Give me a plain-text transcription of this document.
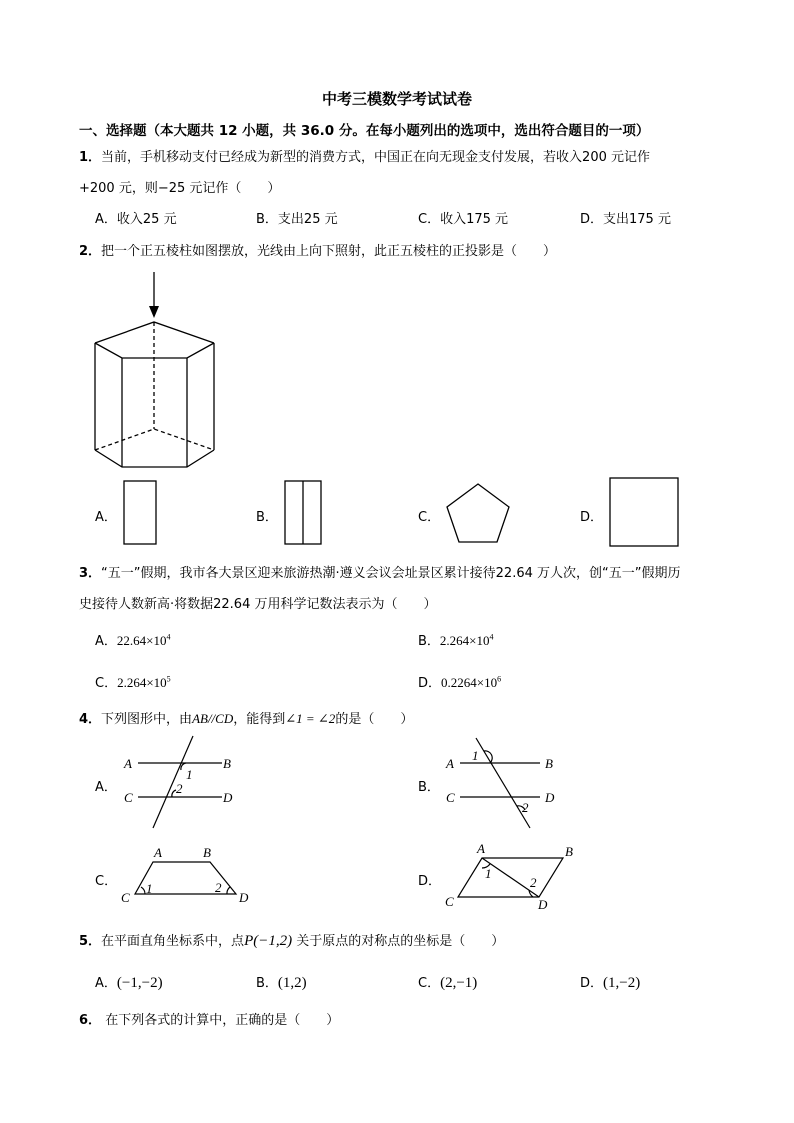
中考三模数学考试试卷
一、选择题（本大题共 12 小题，共 36.0 分。在每小题列出的选项中，选出符合题目的一项）
1．当前，手机移动支付已经成为新型的消费方式，中国正在向无现金支付发展，若收入200 元记作
+200 元，则−25 元记作（　　）
A．收入25 元	B．支出25 元	C．收入175 元	D．支出175 元
2．把一个正五棱柱如图摆放，光线由上向下照射，此正五棱柱的正投影是（　　）
A．	B．	C．	D．
3．“五一”假期，我市各大景区迎来旅游热潮·遵义会议会址景区累计接待22.64 万人次，创“五一”假期历
史接待人数新高·将数据22.64 万用科学记数法表示为（　　）
A．$22.64\times 10^4$	B．$2.264\times 10^4$
C．$2.264\times 10^5$	D．$0.2264\times 10^6$
4．下列图形中，由AB//CD，能得到∠1 = ∠2的是（　　）
A．	B．
C．	D．
A	B
C	D
1
2
A	B
C	D
1
2
A	B
C	D
1	2
A	B
C	D
1
2
5．在平面直角坐标系中，点P(−1,2) 关于原点的对称点的坐标是（　　）
A．(−1,−2)	B．(1,2)	C．(2,−1)	D．(1,−2)
6． 在下列各式的计算中，正确的是（　　）
